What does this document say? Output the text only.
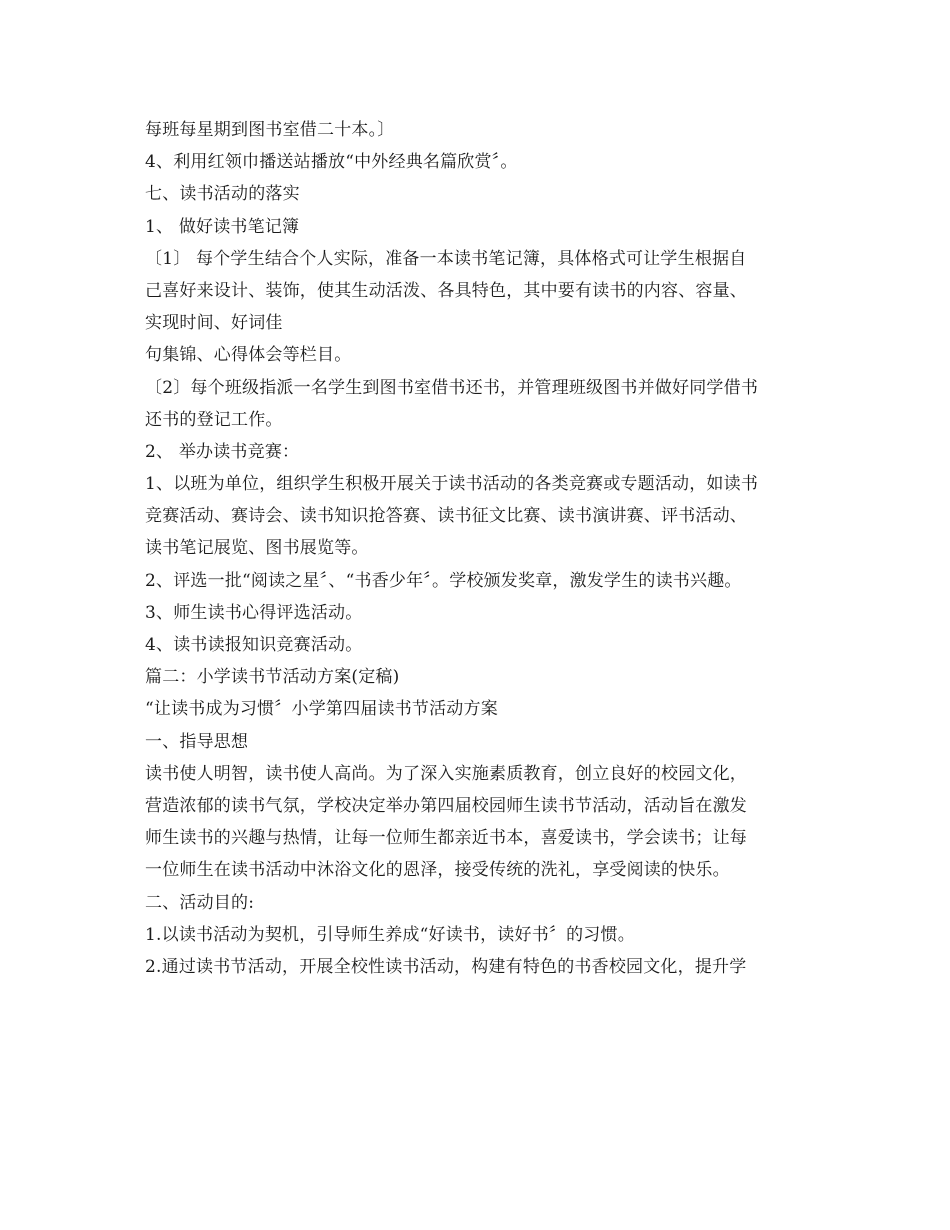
每班每星期到图书室借二十本。〕
4、利用红领巾播送站播放“中外经典名篇欣赏〞。
七、读书活动的落实
1、 做好读书笔记簿
〔1〕 每个学生结合个人实际，准备一本读书笔记簿，具体格式可让学生根据自
己喜好来设计、装饰，使其生动活泼、各具特色，其中要有读书的内容、容量、
实现时间、好词佳
句集锦、心得体会等栏目。
〔2〕每个班级指派一名学生到图书室借书还书，并管理班级图书并做好同学借书
还书的登记工作。
2、 举办读书竞赛：
1、以班为单位，组织学生积极开展关于读书活动的各类竞赛或专题活动，如读书
竞赛活动、赛诗会、读书知识抢答赛、读书征文比赛、读书演讲赛、评书活动、
读书笔记展览、图书展览等。
2、评选一批“阅读之星〞、“书香少年〞。学校颁发奖章，激发学生的读书兴趣。
3、师生读书心得评选活动。
4、读书读报知识竞赛活动。
篇二：小学读书节活动方案(定稿)
“让读书成为习惯〞小学第四届读书节活动方案
一、指导思想
读书使人明智，读书使人高尚。为了深入实施素质教育，创立良好的校园文化，
营造浓郁的读书气氛，学校决定举办第四届校园师生读书节活动，活动旨在激发
师生读书的兴趣与热情，让每一位师生都亲近书本，喜爱读书，学会读书；让每
一位师生在读书活动中沐浴文化的恩泽，接受传统的洗礼，享受阅读的快乐。
二、活动目的:
1.以读书活动为契机，引导师生养成“好读书，读好书〞的习惯。
2.通过读书节活动，开展全校性读书活动，构建有特色的书香校园文化，提升学
